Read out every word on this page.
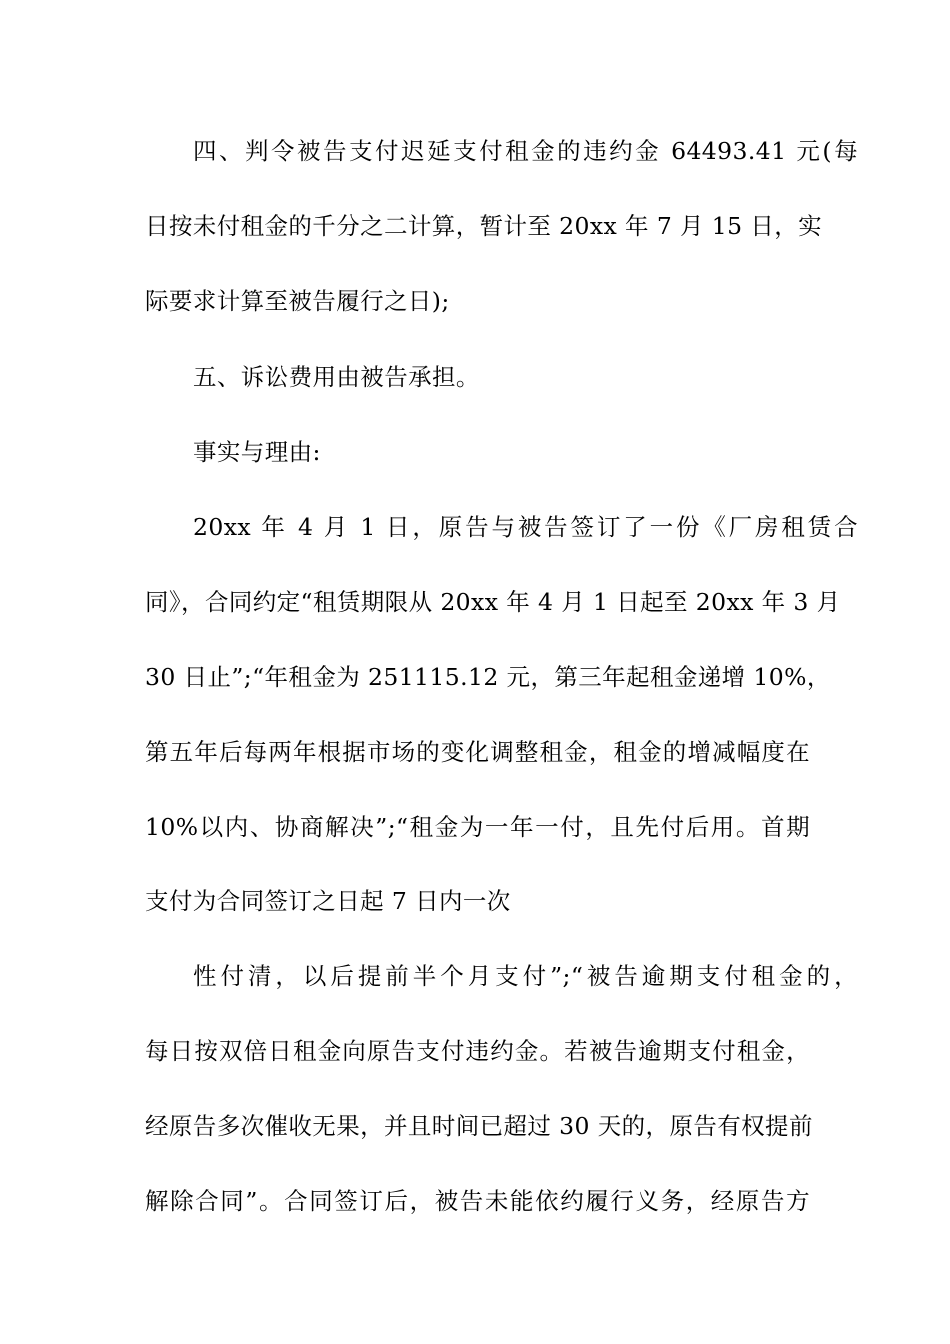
四、判令被告支付迟延支付租金的违约金 64493.41 元(每
日按未付租金的千分之二计算，暂计至 20xx 年 7 月 15 日，实
际要求计算至被告履行之日);
五、诉讼费用由被告承担。
事实与理由:
20xx 年 4 月 1 日，原告与被告签订了一份《厂房租赁合
同》，合同约定“租赁期限从 20xx 年 4 月 1 日起至 20xx 年 3 月
30 日止”;“年租金为 251115.12 元，第三年起租金递增 10%，
第五年后每两年根据市场的变化调整租金，租金的增减幅度在
10%以内、协商解决”;“租金为一年一付，且先付后用。首期
支付为合同签订之日起 7 日内一次
性付清，以后提前半个月支付”;“被告逾期支付租金的，
每日按双倍日租金向原告支付违约金。若被告逾期支付租金，
经原告多次催收无果，并且时间已超过 30 天的，原告有权提前
解除合同”。合同签订后，被告未能依约履行义务，经原告方
